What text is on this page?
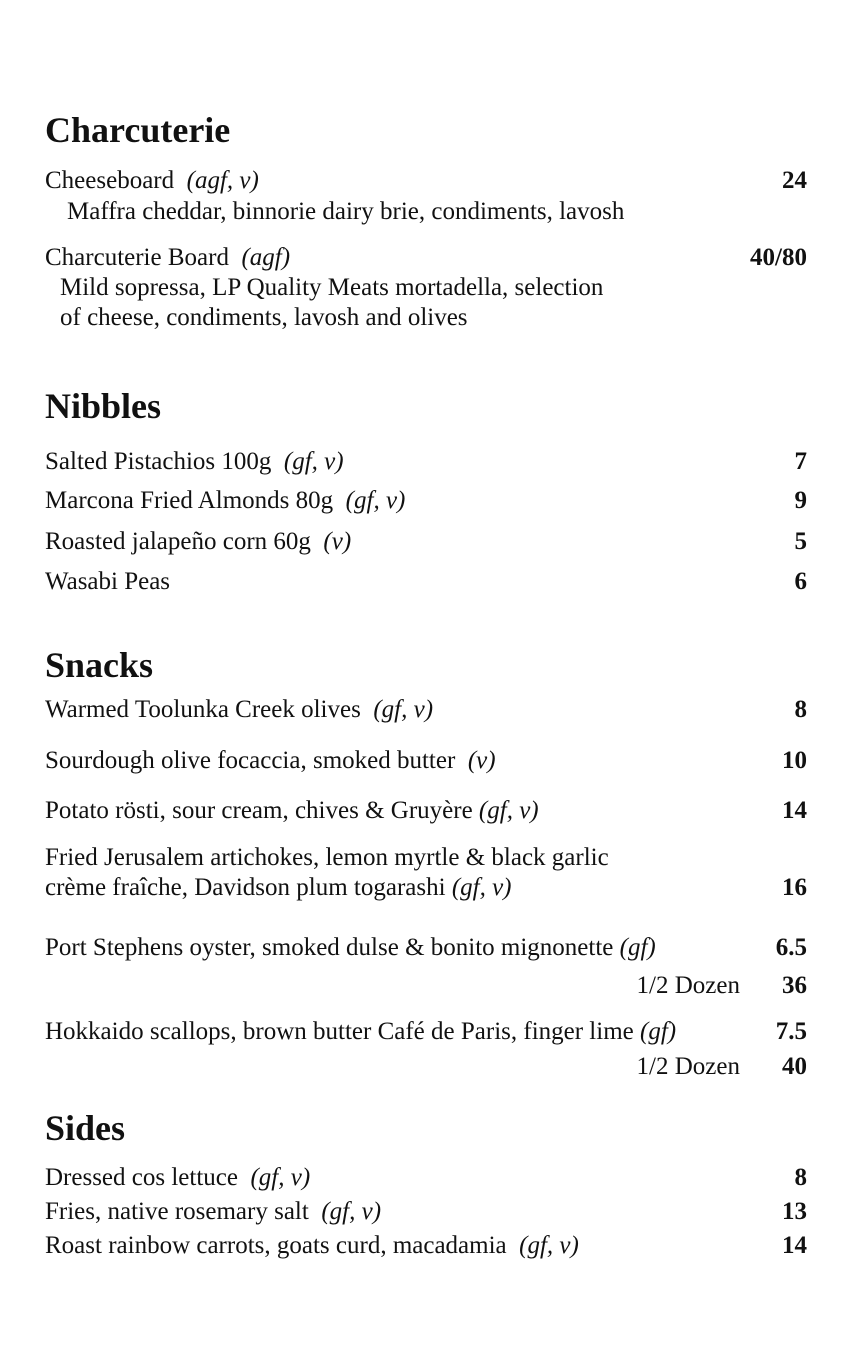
Charcuterie
Cheeseboard (agf, v)	24
Maffra cheddar, binnorie dairy brie, condiments, lavosh
Charcuterie Board (agf)	40/80
Mild sopressa, LP Quality Meats mortadella, selection
of cheese, condiments, lavosh and olives
Nibbles
Salted Pistachios 100g (gf, v)	7
Marcona Fried Almonds 80g (gf, v)	9
Roasted jalapeño corn 60g (v)	5
Wasabi Peas	6
Snacks
Warmed Toolunka Creek olives (gf, v)	8
Sourdough olive focaccia, smoked butter (v)	10
Potato rösti, sour cream, chives & Gruyère (gf, v)	14
Fried Jerusalem artichokes, lemon myrtle & black garlic
crème fraîche, Davidson plum togarashi (gf, v)	16
Port Stephens oyster, smoked dulse & bonito mignonette (gf)	6.5
1/2 Dozen 36
Hokkaido scallops, brown butter Café de Paris, finger lime (gf)	7.5
1/2 Dozen 40
Sides
Dressed cos lettuce (gf, v)	8
Fries, native rosemary salt (gf, v)	13
Roast rainbow carrots, goats curd, macadamia (gf, v)	14
